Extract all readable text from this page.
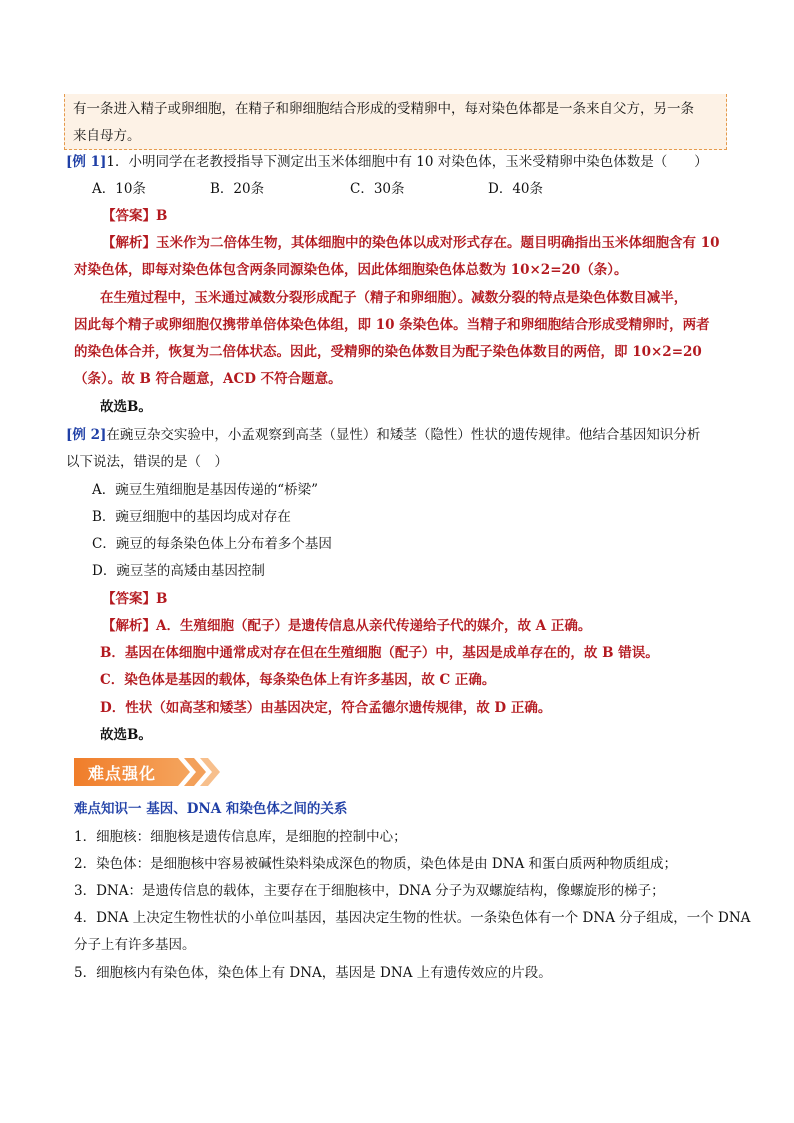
有一条进入精子或卵细胞，在精子和卵细胞结合形成的受精卵中，每对染色体都是一条来自父方，另一条

来自母方。

[例 1]1．小明同学在老教授指导下测定出玉米体细胞中有 10 对染色体，玉米受精卵中染色体数是（　　）
A．10条	B．20条	C．30条	D．40条
【答案】B
【解析】玉米作为二倍体生物，其体细胞中的染色体以成对形式存在。题目明确指出玉米体细胞含有 10
对染色体，即每对染色体包含两条同源染色体，因此体细胞染色体总数为 10×2=20（条）。
在生殖过程中，玉米通过减数分裂形成配子（精子和卵细胞）。减数分裂的特点是染色体数目减半，
因此每个精子或卵细胞仅携带单倍体染色体组，即 10 条染色体。当精子和卵细胞结合形成受精卵时，两者
的染色体合并，恢复为二倍体状态。因此，受精卵的染色体数目为配子染色体数目的两倍，即 10×2=20
（条）。故 B 符合题意，ACD 不符合题意。
故选B。
[例 2]在豌豆杂交实验中，小孟观察到高茎（显性）和矮茎（隐性）性状的遗传规律。他结合基因知识分析
以下说法，错误的是（　）
A．豌豆生殖细胞是基因传递的“桥梁”
B．豌豆细胞中的基因均成对存在
C．豌豆的每条染色体上分布着多个基因
D．豌豆茎的高矮由基因控制
【答案】B
【解析】A．生殖细胞（配子）是遗传信息从亲代传递给子代的媒介，故 A 正确。
B．基因在体细胞中通常成对存在但在生殖细胞（配子）中，基因是成单存在的，故 B 错误。
C．染色体是基因的载体，每条染色体上有许多基因，故 C 正确。
D．性状（如高茎和矮茎）由基因决定，符合孟德尔遗传规律，故 D 正确。
故选B。
难点强化
难点知识一 基因、DNA 和染色体之间的关系
1．细胞核：细胞核是遗传信息库，是细胞的控制中心；
2．染色体：是细胞核中容易被碱性染料染成深色的物质，染色体是由 DNA 和蛋白质两种物质组成；
3．DNA：是遗传信息的载体，主要存在于细胞核中，DNA 分子为双螺旋结构，像螺旋形的梯子；
4．DNA 上决定生物性状的小单位叫基因，基因决定生物的性状。一条染色体有一个 DNA 分子组成，一个 DNA
分子上有许多基因。
5．细胞核内有染色体，染色体上有 DNA，基因是 DNA 上有遗传效应的片段。
